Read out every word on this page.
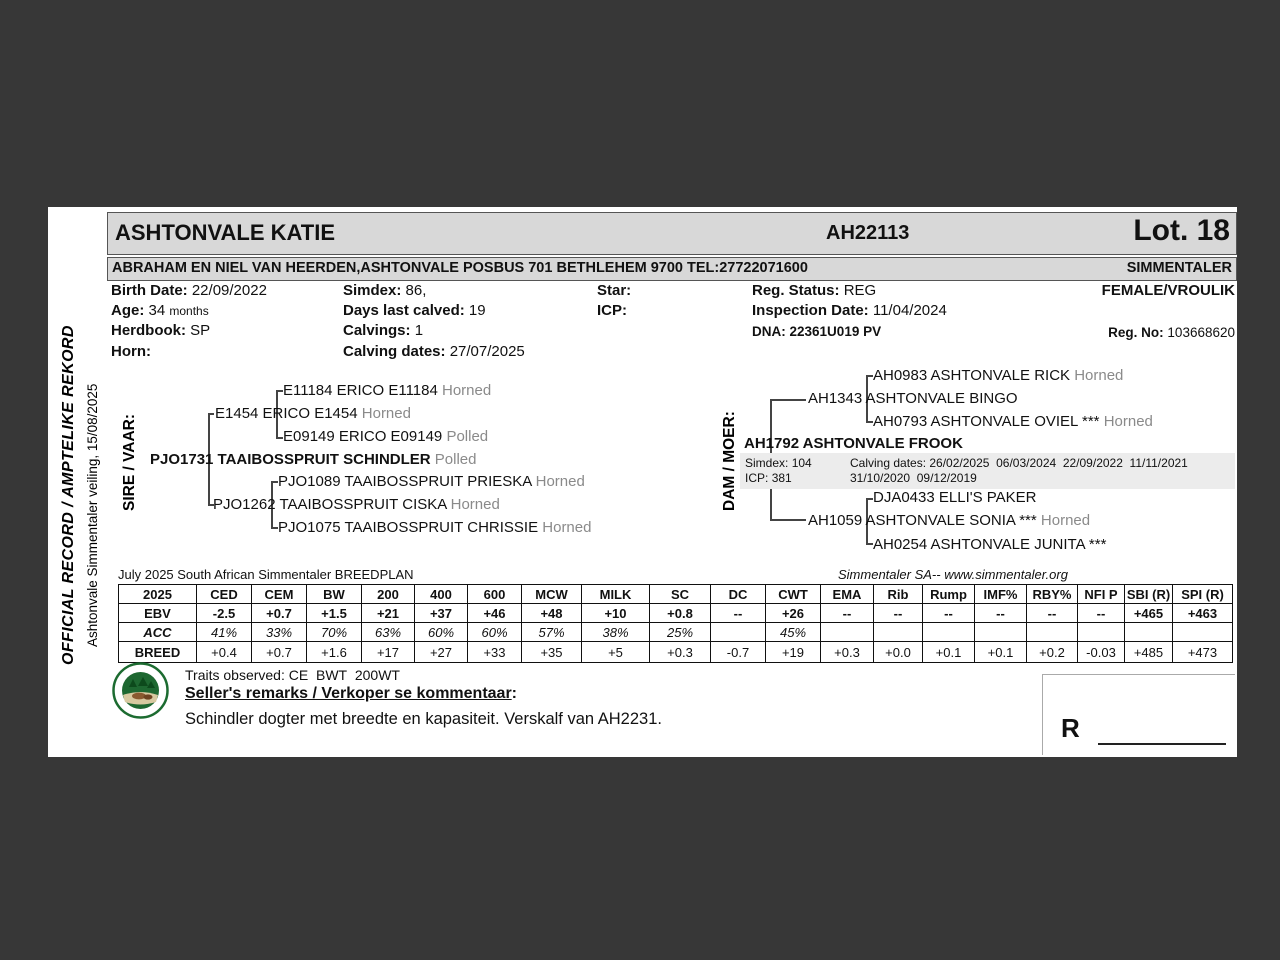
OFFICIAL RECORD / AMPTELIKE REKORD Ashtonvale Simmentaler veiling, 15/08/2025
ASHTONVALE KATIE	AH22113	Lot. 18
ABRAHAM EN NIEL VAN HEERDEN,ASHTONVALE POSBUS 701 BETHLEHEM 9700 TEL:27722071600	SIMMENTALER
Birth Date: 22/09/2022	Simdex: 86,	Star:	Reg. Status: REG	FEMALE/VROULIK
Age: 34 months	Days last calved: 19	ICP:	Inspection Date: 11/04/2024
Herdbook: SP	Calvings: 1	DNA: 22361U019 PV	Reg. No: 103668620
Horn:	Calving dates: 27/07/2025
SIRE / VAAR:	DAM / MOER:
E11184 ERICO E11184 Horned
E1454 ERICO E1454 Horned
E09149 ERICO E09149 Polled
PJO1731 TAAIBOSSPRUIT SCHINDLER Polled
PJO1089 TAAIBOSSPRUIT PRIESKA Horned
PJO1262 TAAIBOSSPRUIT CISKA Horned
PJO1075 TAAIBOSSPRUIT CHRISSIE Horned
AH0983 ASHTONVALE RICK Horned
AH1343 ASHTONVALE BINGO
AH0793 ASHTONVALE OVIEL *** Horned
AH1792 ASHTONVALE FROOK
Simdex: 104
ICP: 381
Calving dates: 26/02/2025  06/03/2024  22/09/2022  11/11/2021
31/10/2020  09/12/2019
DJA0433 ELLI'S PAKER
AH1059 ASHTONVALE SONIA *** Horned
AH0254 ASHTONVALE JUNITA ***
July 2025 South African Simmentaler BREEDPLAN	Simmentaler SA-- www.simmentaler.org
2025	CED	CEM	BW	200	400	600	MCW	MILK	SC	DC	CWT	EMA	Rib	Rump	IMF%	RBY%	NFI P	SBI (R)	SPI (R)
EBV	-2.5	+0.7	+1.5	+21	+37	+46	+48	+10	+0.8	--	+26	--	--	--	--	--	--	+465	+463
ACC	41%	33%	70%	63%	60%	60%	57%	38%	25%		45%								
BREED	+0.4	+0.7	+1.6	+17	+27	+33	+35	+5	+0.3	-0.7	+19	+0.3	+0.0	+0.1	+0.1	+0.2	-0.03	+485	+473
Traits observed: CE  BWT  200WT
Seller's remarks / Verkoper se kommentaar:
Schindler dogter met breedte en kapasiteit. Verskalf van AH2231.	R
